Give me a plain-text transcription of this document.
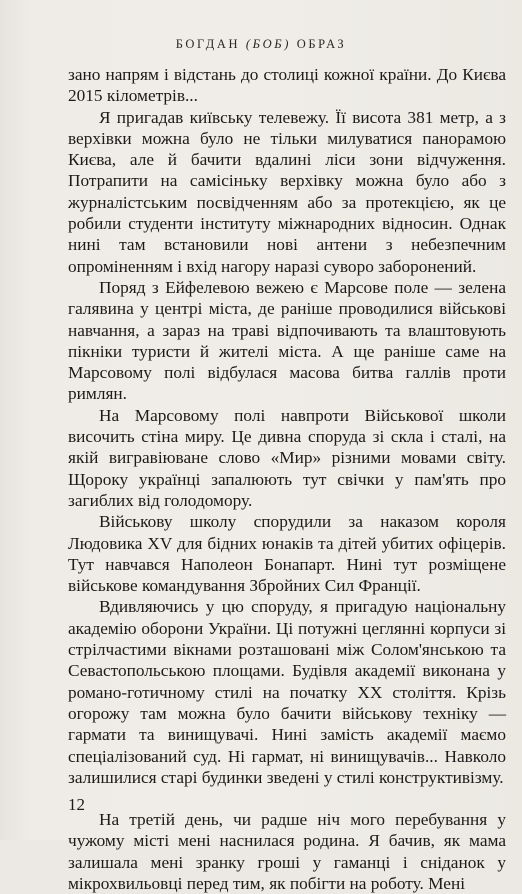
БОГДАН (БОБ) ОБРАЗ

зано напрям і відстань до столиці кожної країни. До Києва 2015 кілометрів...

Я пригадав київську телевежу. Її висота 381 метр, а з верхівки можна було не тільки милуватися панорамою Києва, але й бачити вдалині ліси зони відчуження. Потрапити на самісіньку верхівку можна було або з журналістським посвідченням або за протекцією, як це робили студенти інституту міжнародних відносин. Однак нині там встановили нові антени з небезпечним опроміненням і вхід нагору наразі суворо заборонений.

Поряд з Ейфелевою вежею є Марсове поле — зелена галявина у центрі міста, де раніше проводилися військові навчання, а зараз на траві відпочивають та влаштовують пікніки туристи й жителі міста. А ще раніше саме на Марсовому полі відбулася масова битва галлів проти римлян.

На Марсовому полі навпроти Військової школи височить стіна миру. Це дивна споруда зі скла і сталі, на якій вигравіюване слово «Мир» різними мовами світу. Щороку українці запалюють тут свічки у пам'ять про загиблих від голодомору.

Військову школу спорудили за наказом короля Людовика XV для бідних юнаків та дітей убитих офіцерів. Тут навчався Наполеон Бонапарт. Нині тут розміщене військове командування Збройних Сил Франції.

Вдивляючись у цю споруду, я пригадую національну академію оборони України. Ці потужні цеглянні корпуси зі стрілчастими вікнами розташовані між Солом'янською та Севастопольською площами. Будівля академії виконана у романо-готичному стилі на початку XX століття. Крізь огорожу там можна було бачити військову техніку — гармати та винищувачі. Нині замість академії маємо спеціалізований суд. Ні гармат, ні винищувачів... Навколо залишилися старі будинки зведені у стилі конструктивізму.

На третій день, чи радше ніч мого перебування у чужому місті мені наснилася родина. Я бачив, як мама залишала мені зранку гроші у гаманці і сніданок у мікрохвильовці перед тим, як побігти на роботу. Мені

12
